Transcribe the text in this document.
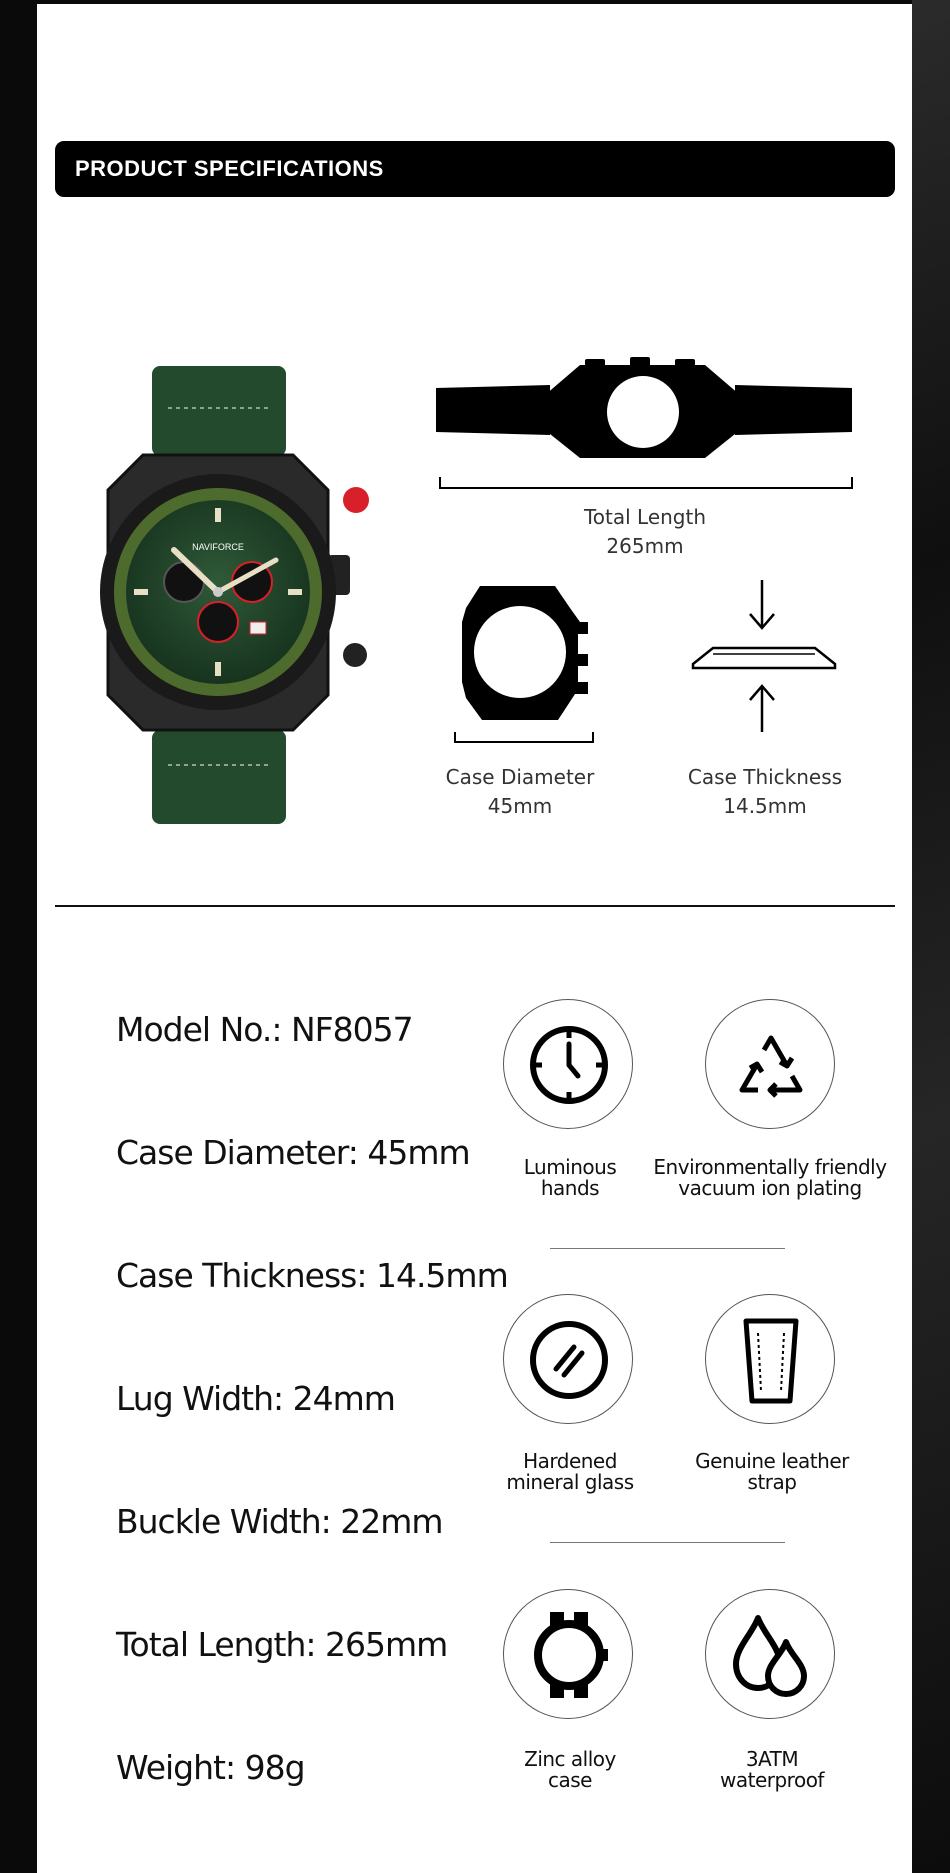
PRODUCT SPECIFICATIONS
NAVIFORCE
Total Length
265mm
Case Diameter
45mm
Case Thickness
14.5mm
Model No.: NF8057
Case Diameter: 45mm
Case Thickness: 14.5mm
Lug Width: 24mm
Buckle Width: 22mm
Total Length: 265mm
Weight: 98g
Luminous
hands
Environmentally friendly
vacuum ion plating
Hardened
mineral glass
Genuine leather
strap
Zinc alloy
case
3ATM
waterproof
